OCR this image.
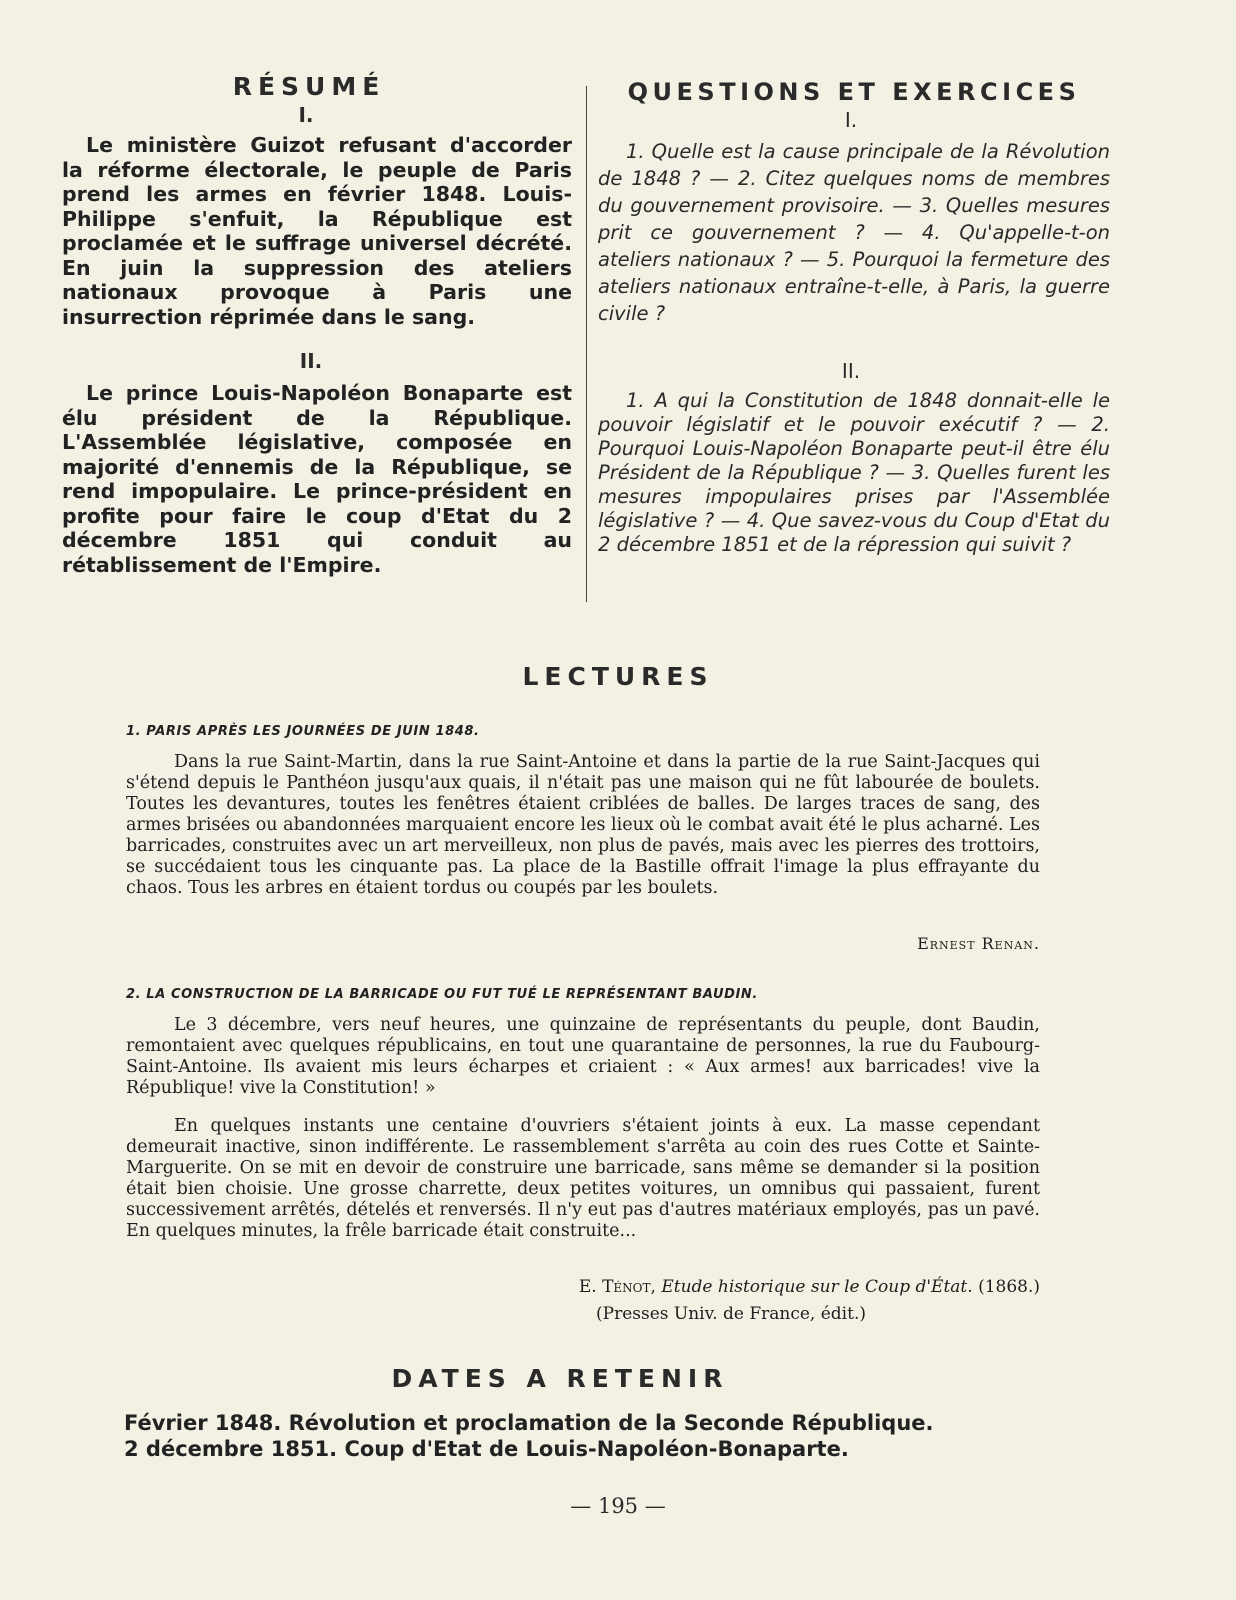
RÉSUMÉ
I.

Le ministère Guizot refusant d'accorder la réforme électorale, le peuple de Paris prend les armes en février 1848. Louis-Philippe s'enfuit, la République est proclamée et le suffrage universel décrété. En juin la suppression des ateliers nationaux provoque à Paris une insurrection réprimée dans le sang.

II.

Le prince Louis-Napoléon Bonaparte est élu président de la République. L'Assemblée législative, composée en majorité d'ennemis de la République, se rend impopulaire. Le prince-président en profite pour faire le coup d'Etat du 2 décembre 1851 qui conduit au rétablissement de l'Empire.

QUESTIONS ET EXERCICES
I.

1. Quelle est la cause principale de la Révolution de 1848 ? — 2. Citez quelques noms de membres du gouvernement provisoire. — 3. Quelles mesures prit ce gouvernement ? — 4. Qu'appelle-t-on ateliers nationaux ? — 5. Pourquoi la fermeture des ateliers nationaux entraîne-t-elle, à Paris, la guerre civile ?

II.

1. A qui la Constitution de 1848 donnait-elle le pouvoir législatif et le pouvoir exécutif ? — 2. Pourquoi Louis-Napoléon Bonaparte peut-il être élu Président de la République ? — 3. Quelles furent les mesures impopulaires prises par l'Assemblée législative ? — 4. Que savez-vous du Coup d'Etat du 2 décembre 1851 et de la répression qui suivit ?

LECTURES
1. PARIS APRÈS LES JOURNÉES DE JUIN 1848.

Dans la rue Saint-Martin, dans la rue Saint-Antoine et dans la partie de la rue Saint-Jacques qui s'étend depuis le Panthéon jusqu'aux quais, il n'était pas une maison qui ne fût labourée de boulets. Toutes les devantures, toutes les fenêtres étaient criblées de balles. De larges traces de sang, des armes brisées ou abandonnées marquaient encore les lieux où le combat avait été le plus acharné. Les barricades, construites avec un art merveilleux, non plus de pavés, mais avec les pierres des trottoirs, se succédaient tous les cinquante pas. La place de la Bastille offrait l'image la plus effrayante du chaos. Tous les arbres en étaient tordus ou coupés par les boulets.

Ernest Renan.
2. LA CONSTRUCTION DE LA BARRICADE OU FUT TUÉ LE REPRÉSENTANT BAUDIN.

Le 3 décembre, vers neuf heures, une quinzaine de représentants du peuple, dont Baudin, remontaient avec quelques républicains, en tout une quarantaine de personnes, la rue du Faubourg-Saint-Antoine. Ils avaient mis leurs écharpes et criaient : « Aux armes! aux barricades! vive la République! vive la Constitution! »

En quelques instants une centaine d'ouvriers s'étaient joints à eux. La masse cependant demeurait inactive, sinon indifférente. Le rassemblement s'arrêta au coin des rues Cotte et Sainte-Marguerite. On se mit en devoir de construire une barricade, sans même se demander si la position était bien choisie. Une grosse charrette, deux petites voitures, un omnibus qui passaient, furent successivement arrêtés, dételés et renversés. Il n'y eut pas d'autres matériaux employés, pas un pavé. En quelques minutes, la frêle barricade était construite...

E. Ténot, Etude historique sur le Coup d'État. (1868.)
(Presses Univ. de France, édit.)
DATES A RETENIR
Février 1848. Révolution et proclamation de la Seconde République.
2 décembre 1851. Coup d'Etat de Louis-Napoléon-Bonaparte.
— 195 —
